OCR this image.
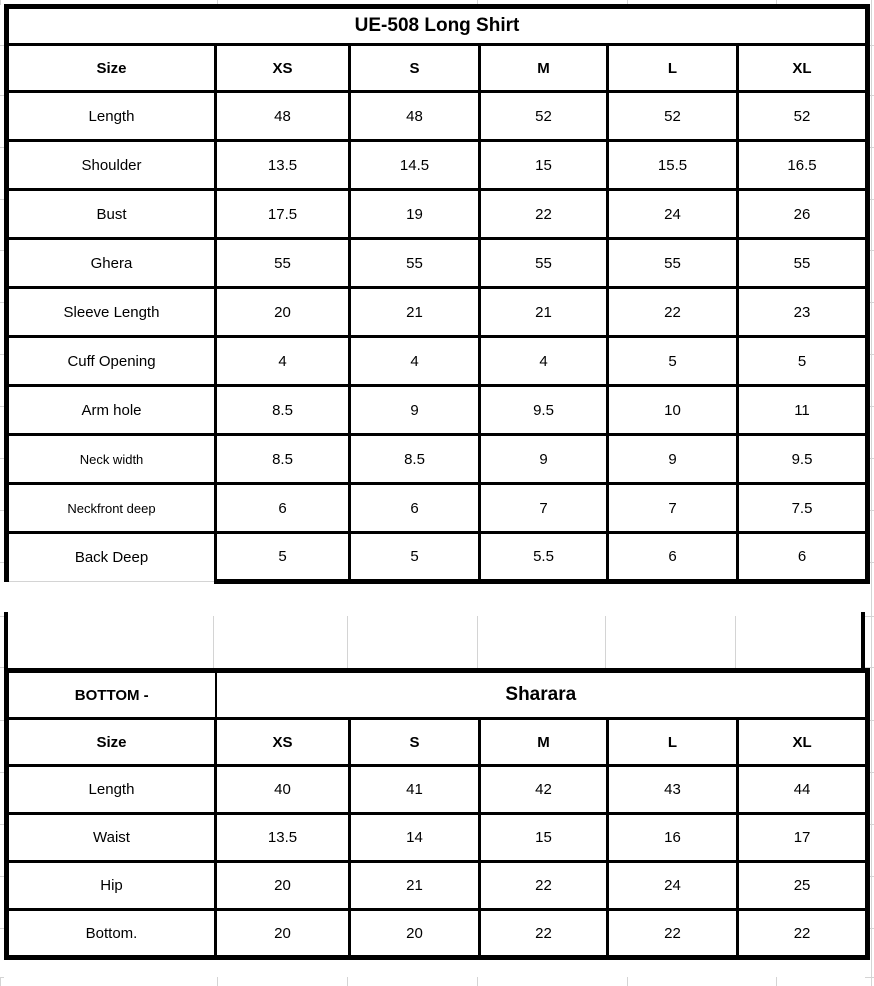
UE-508 Long Shirt					
Size	XS	S	M	L	XL
Length	48	48	52	52	52
Shoulder	13.5	14.5	15	15.5	16.5
Bust	17.5	19	22	24	26
Ghera	55	55	55	55	55
Sleeve Length	20	21	21	22	23
Cuff Opening	4	4	4	5	5
Arm hole	8.5	9	9.5	10	11
Neck width	8.5	8.5	9	9	9.5
Neckfront deep	6	6	7	7	7.5
Back Deep	5	5	5.5	6	6
BOTTOM -	Sharara				
Size	XS	S	M	L	XL
Length	40	41	42	43	44
Waist	13.5	14	15	16	17
Hip	20	21	22	24	25
Bottom.	20	20	22	22	22
